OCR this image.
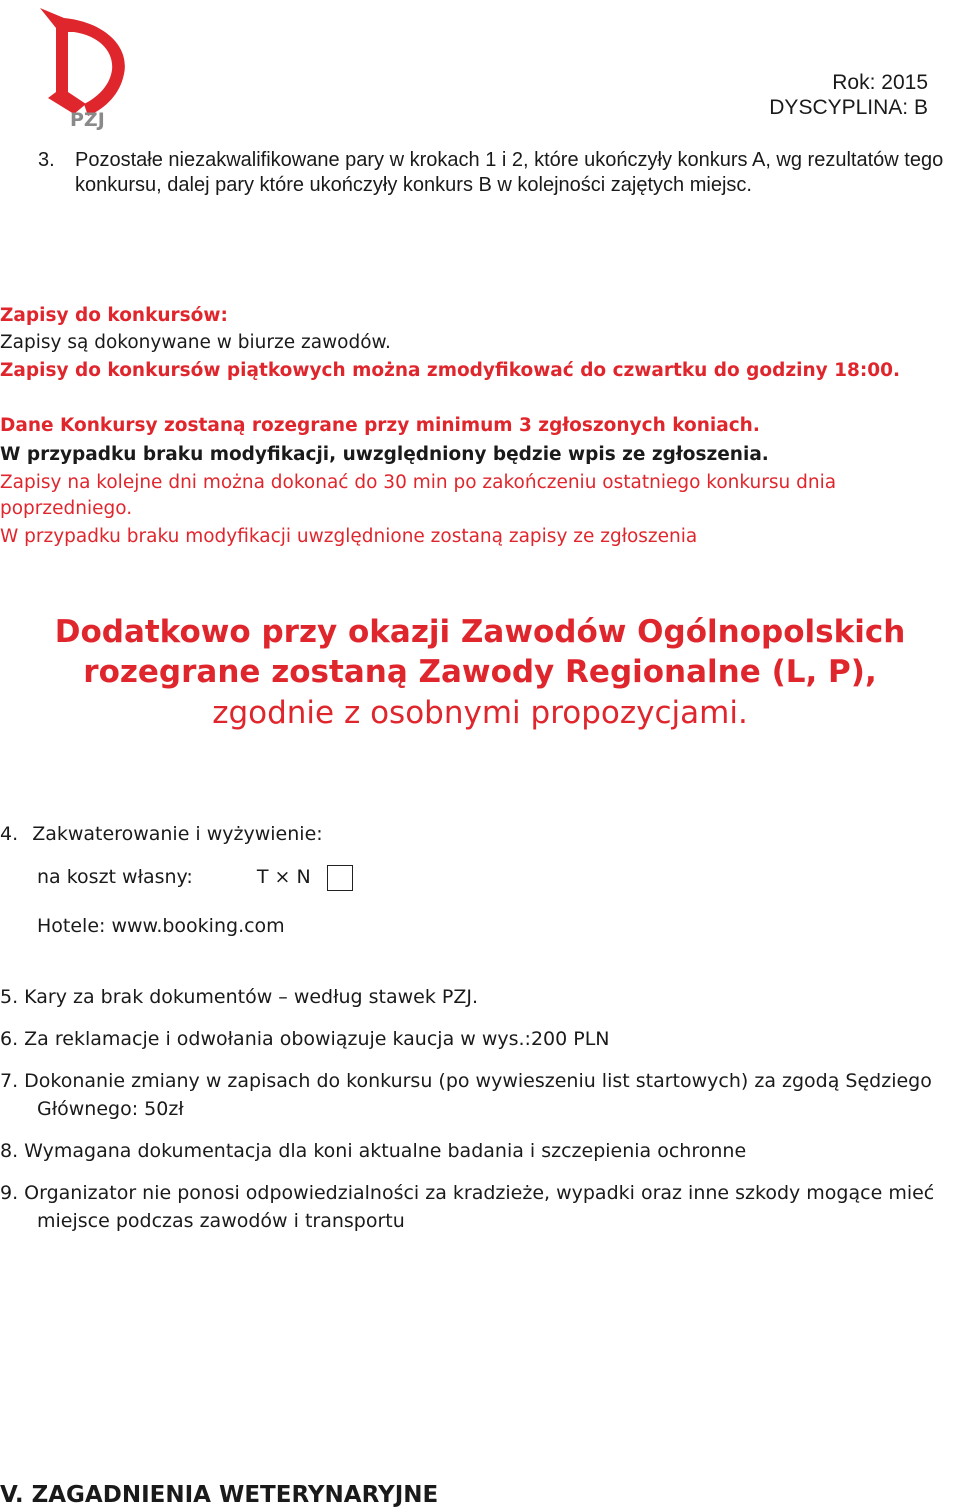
PZJ
Rok: 2015
DYSCYPLINA: B
3. Pozostałe niezakwalifikowane pary w krokach 1 i 2, które ukończyły konkurs A, wg rezultatów tego konkursu, dalej pary które ukończyły konkurs B w kolejności zajętych miejsc.
Zapisy do konkursów:
Zapisy są dokonywane w biurze zawodów.
Zapisy do konkursów piątkowych można zmodyfikować do czwartku do godziny 18:00.
Dane Konkursy zostaną rozegrane przy minimum 3 zgłoszonych koniach.
W przypadku braku modyfikacji, uwzględniony będzie wpis ze zgłoszenia.
Zapisy na kolejne dni można dokonać do 30 min po zakończeniu ostatniego konkursu dnia poprzedniego.
W przypadku braku modyfikacji uwzględnione zostaną zapisy ze zgłoszenia
Dodatkowo przy okazji Zawodów Ogólnopolskich
rozegrane zostaną Zawody Regionalne (L, P),
zgodnie z osobnymi propozycjami.
4. Zakwaterowanie i wyżywienie:
na koszt własny:	T × N
Hotele: www.booking.com
5. Kary za brak dokumentów – według stawek PZJ.
6. Za reklamacje i odwołania obowiązuje kaucja w wys.:200 PLN
7. Dokonanie zmiany w zapisach do konkursu (po wywieszeniu list startowych) za zgodą Sędziego Głównego: 50zł
8. Wymagana dokumentacja dla koni aktualne badania i szczepienia ochronne
9. Organizator nie ponosi odpowiedzialności za kradzieże, wypadki oraz inne szkody mogące mieć miejsce podczas zawodów i transportu
V. ZAGADNIENIA WETERYNARYJNE
